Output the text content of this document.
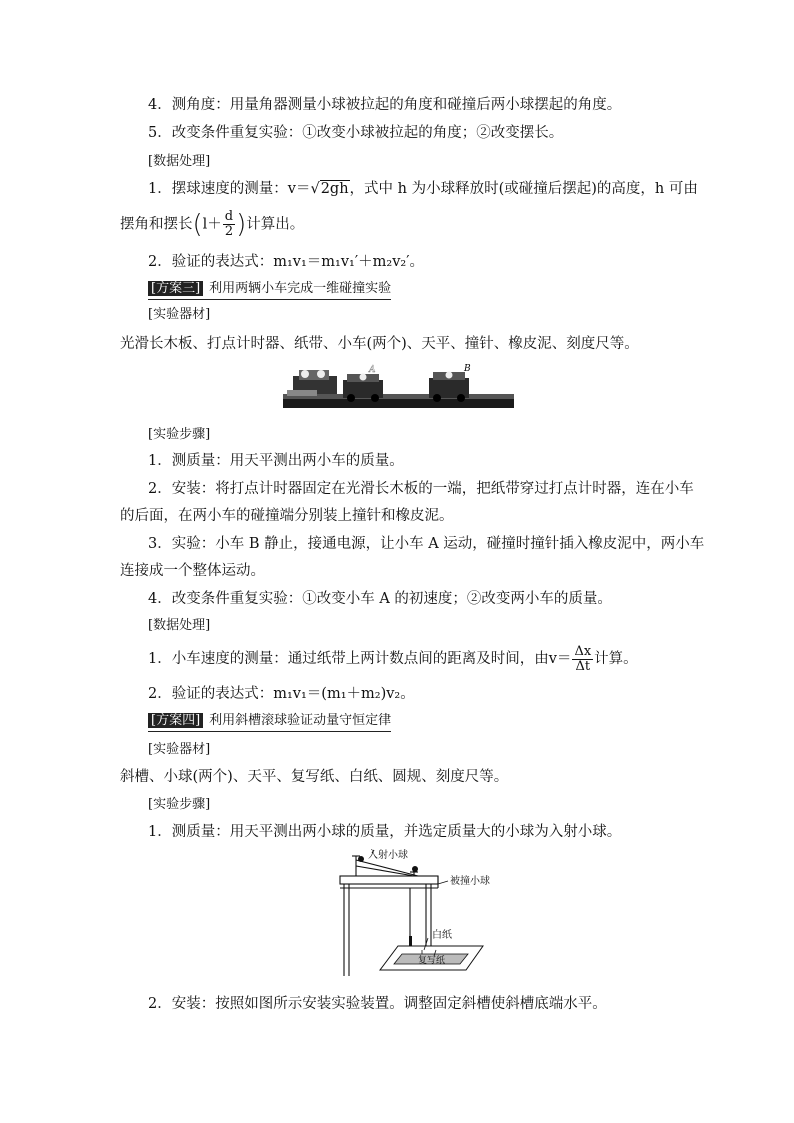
4．测角度：用量角器测量小球被拉起的角度和碰撞后两小球摆起的角度。
5．改变条件重复实验：①改变小球被拉起的角度；②改变摆长。
[数据处理]
1．摆球速度的测量：v＝√2gh，式中 h 为小球释放时(或碰撞后摆起)的高度，h 可由
摆角和摆长($l+ \frac{d}{2}$ )计算出。
2．验证的表达式：m₁v₁＝m₁v₁′＋m₂v₂′。
[方案三] 利用两辆小车完成一维碰撞实验
[实验器材]
光滑长木板、打点计时器、纸带、小车(两个)、天平、撞针、橡皮泥、刻度尺等。
A	B
[实验步骤]
1．测质量：用天平测出两小车的质量。
2．安装：将打点计时器固定在光滑长木板的一端，把纸带穿过打点计时器，连在小车
的后面，在两小车的碰撞端分别装上撞针和橡皮泥。
3．实验：小车 B 静止，接通电源，让小车 A 运动，碰撞时撞针插入橡皮泥中，两小车
连接成一个整体运动。
4．改变条件重复实验：①改变小车 A 的初速度；②改变两小车的质量。
[数据处理]
1．小车速度的测量：通过纸带上两计数点间的距离及时间，由$v= \frac{\Delta x}{\Delta t}$ 计算。
2．验证的表达式：m₁v₁＝(m₁＋m₂)v₂。
[方案四] 利用斜槽滚球验证动量守恒定律
[实验器材]
斜槽、小球(两个)、天平、复写纸、白纸、圆规、刻度尺等。
[实验步骤]
1．测质量：用天平测出两小球的质量，并选定质量大的小球为入射小球。
入射小球
被撞小球
白纸
复写纸
2．安装：按照如图所示安装实验装置。调整固定斜槽使斜槽底端水平。
